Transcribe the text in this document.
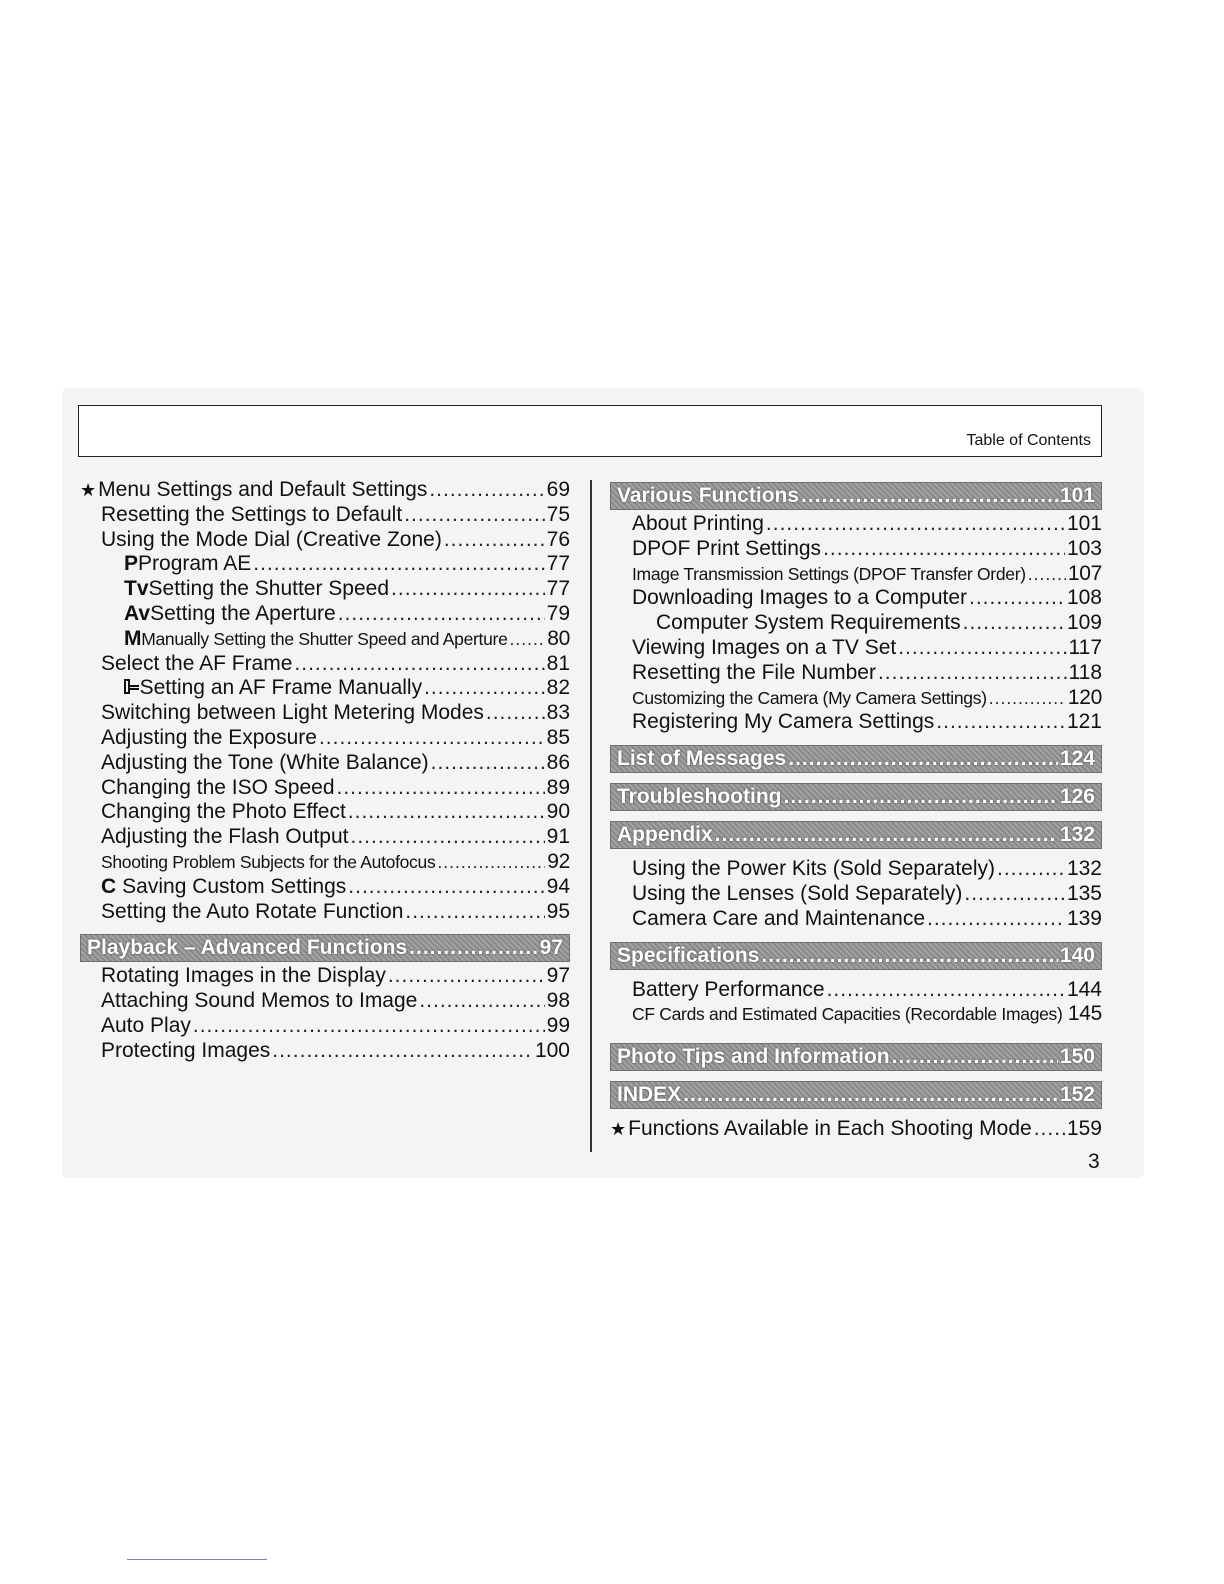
Table of Contents
★ Menu Settings and Default Settings .....	69
Resetting the Settings to Default .....	75
Using the Mode Dial (Creative Zone) .....	76
P Program AE .....	77
Tv Setting the Shutter Speed .....	77
Av Setting the Aperture .....	79
M Manually Setting the Shutter Speed and Aperture ..... 80
Select the AF Frame .....	81
Setting an AF Frame Manually .....	82
Switching between Light Metering Modes .....	83
Adjusting the Exposure .....	85
Adjusting the Tone (White Balance) .....	86
Changing the ISO Speed .....	89
Changing the Photo Effect .....	90
Adjusting the Flash Output .....	91
Shooting Problem Subjects for the Autofocus .....	92
C Saving Custom Settings .....	94
Setting the Auto Rotate Function .....	95
Playback – Advanced Functions .....	97
Rotating Images in the Display .....	97
Attaching Sound Memos to Image .....	98
Auto Play .....	99
Protecting Images .....	100
Various Functions .....	101
About Printing .....	101
DPOF Print Settings .....	103
Image Transmission Settings (DPOF Transfer Order) ..... 107
Downloading Images to a Computer .....	108
Computer System Requirements .....	109
Viewing Images on a TV Set .....	117
Resetting the File Number .....	118
Customizing the Camera (My Camera Settings) .....	120
Registering My Camera Settings .....	121
List of Messages .....	124
Troubleshooting .....	126
Appendix .....	132
Using the Power Kits (Sold Separately) .....	132
Using the Lenses (Sold Separately) .....	135
Camera Care and Maintenance .....	139
Specifications .....	140
Battery Performance .....	144
CF Cards and Estimated Capacities (Recordable Images) ..... 145
Photo Tips and Information .....	150
INDEX .....	152
★ Functions Available in Each Shooting Mode ..... 159
3
